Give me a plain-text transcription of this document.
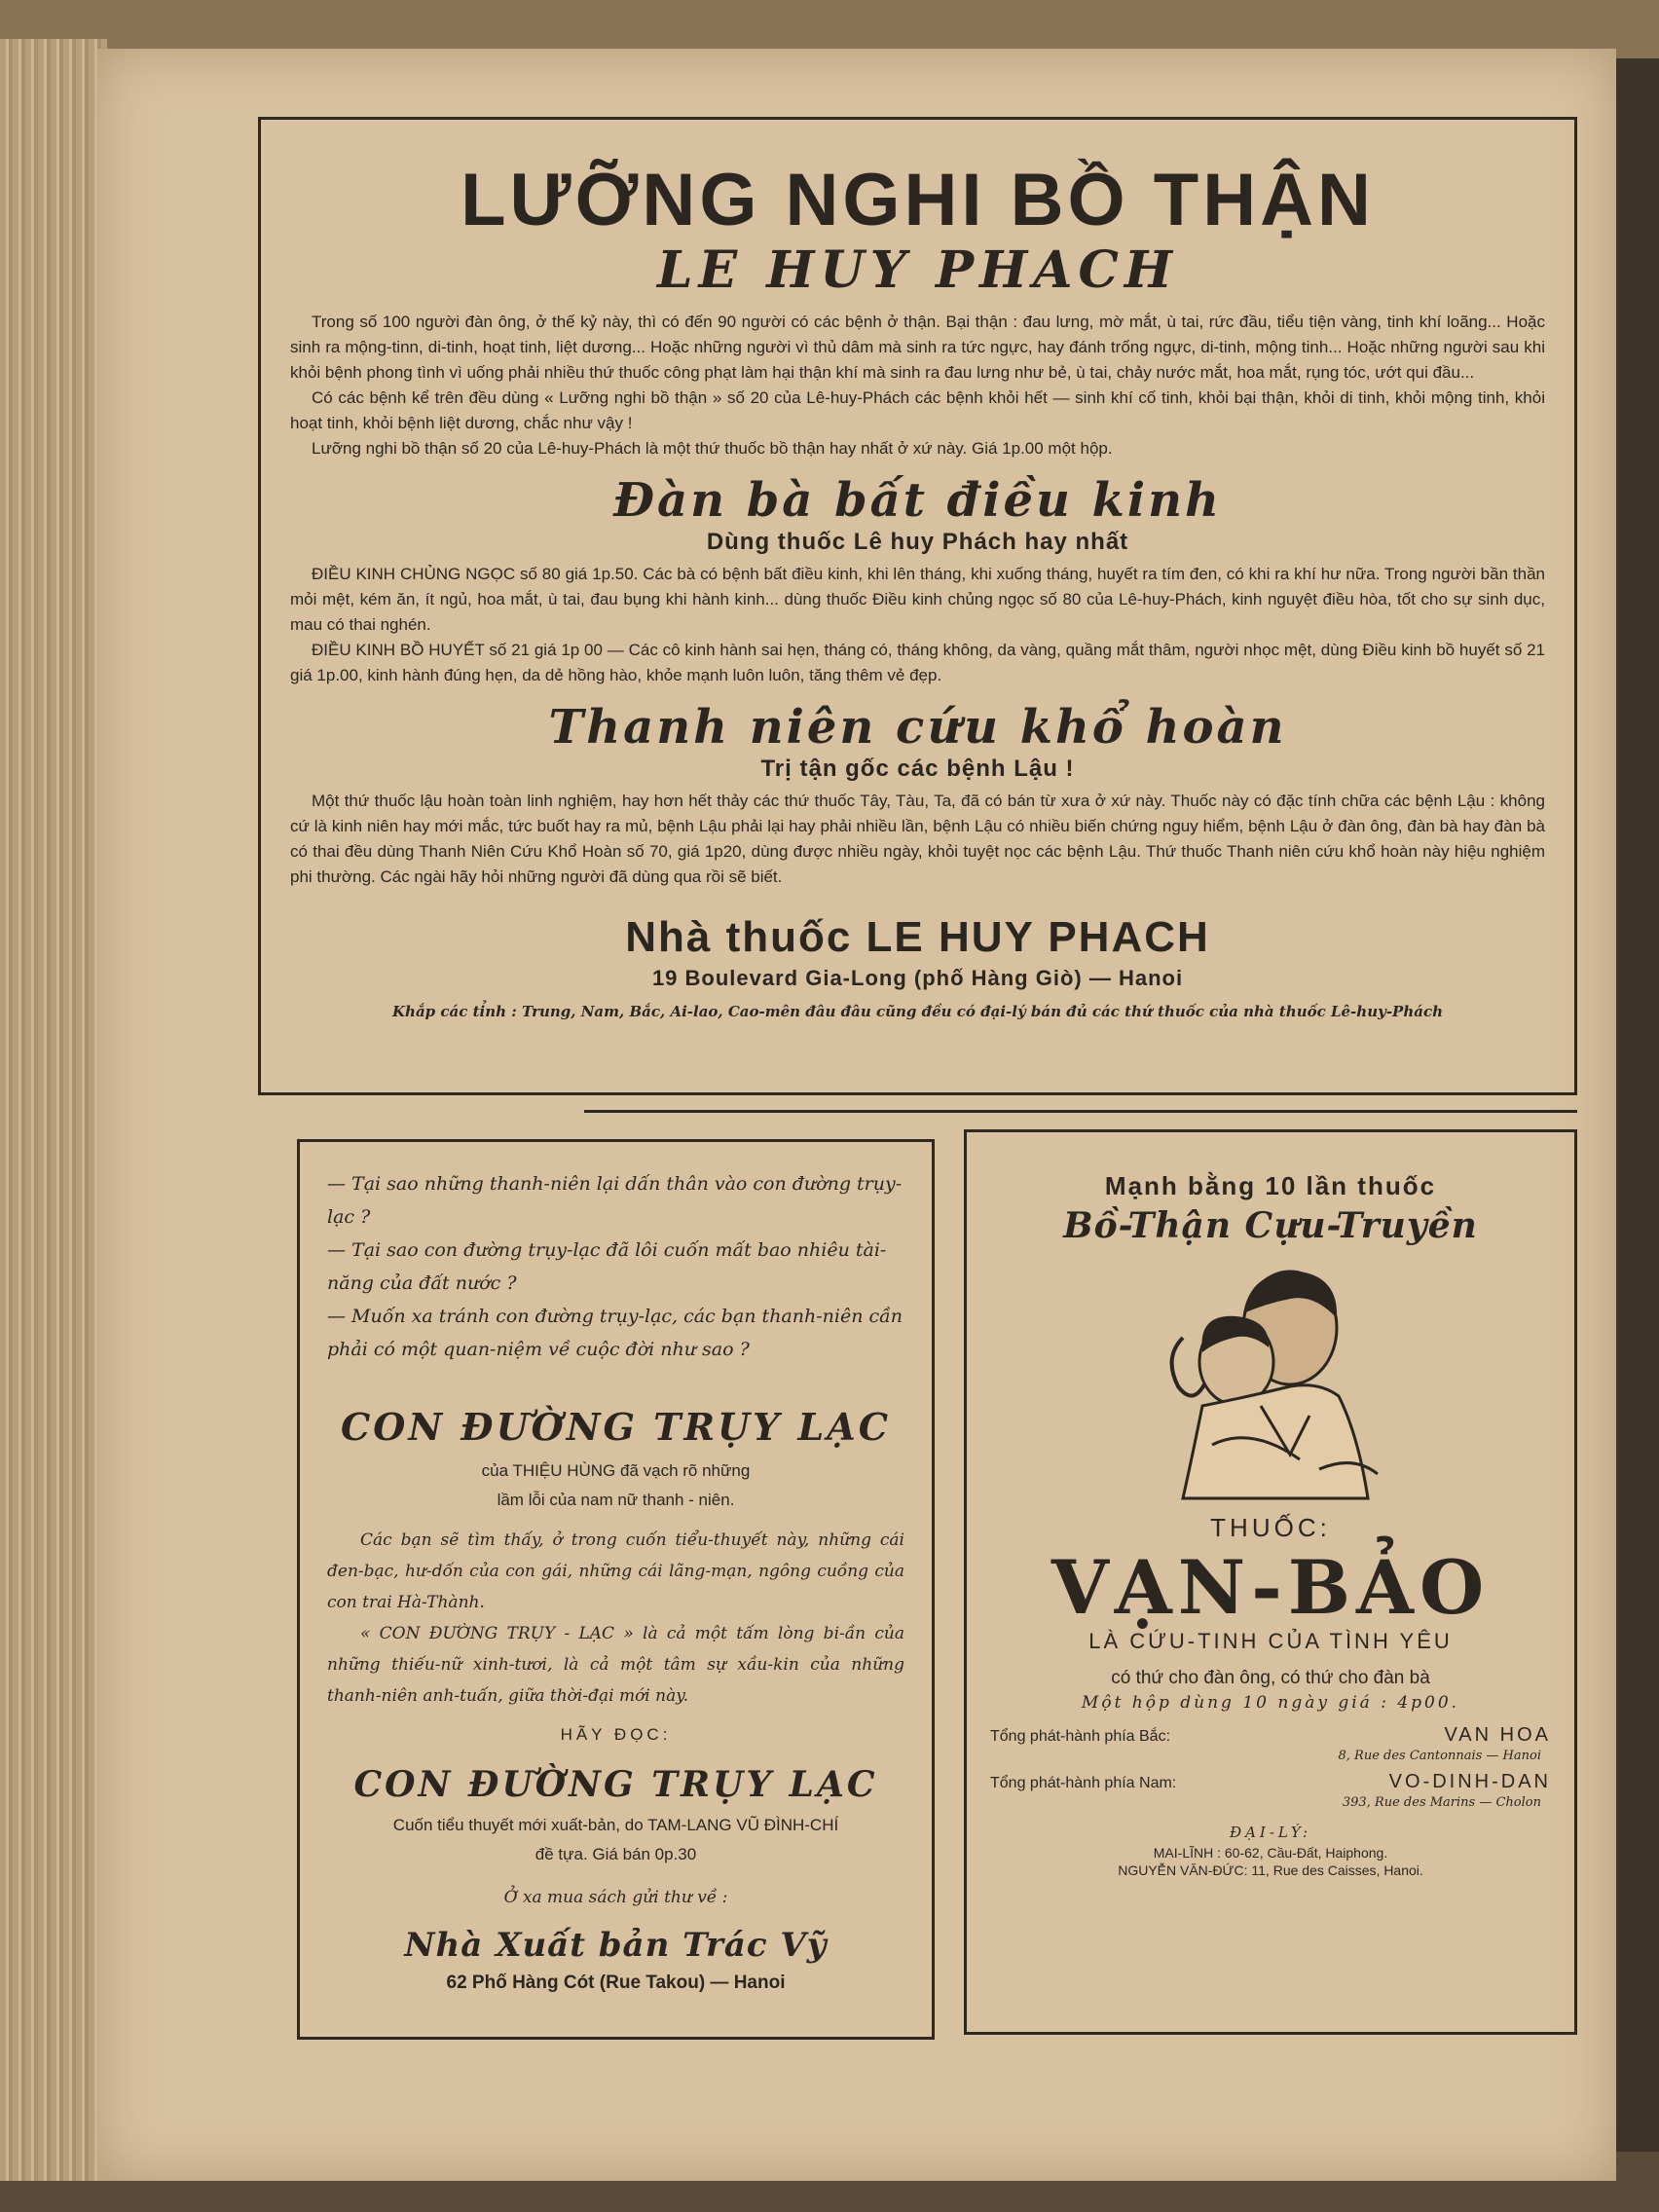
LƯỠNG NGHI BỒ THẬN
LE HUY PHACH

Trong số 100 người đàn ông, ở thế kỷ này, thì có đến 90 người có các bệnh ở thận. Bại thận : đau lưng, mờ mắt, ù tai, rức đầu, tiểu tiện vàng, tinh khí loãng... Hoặc sinh ra mộng-tinn, di-tinh, hoạt tinh, liệt dương... Hoặc những người vì thủ dâm mà sinh ra tức ngực, hay đánh trống ngực, di-tinh, mộng tinh... Hoặc những người sau khi khỏi bệnh phong tình vì uống phải nhiều thứ thuốc công phạt làm hại thận khí mà sinh ra đau lưng như bẻ, ù tai, chảy nước mắt, hoa mắt, rụng tóc, ướt qui đầu...

Có các bệnh kể trên đều dùng « Lưỡng nghi bồ thận » số 20 của Lê-huy-Phách các bệnh khỏi hết — sinh khí cố tinh, khỏi bại thận, khỏi di tinh, khỏi mộng tinh, khỏi hoạt tinh, khỏi bệnh liệt dương, chắc như vậy !

Lưỡng nghi bồ thận số 20 của Lê-huy-Phách là một thứ thuốc bồ thận hay nhất ở xứ này. Giá 1p.00 một hộp.

Đàn bà bất điều kinh
Dùng thuốc Lê huy Phách hay nhất

ĐIỀU KINH CHỦNG NGỌC số 80 giá 1p.50. Các bà có bệnh bất điều kinh, khi lên tháng, khi xuống tháng, huyết ra tím đen, có khi ra khí hư nữa. Trong người bần thần mỏi mệt, kém ăn, ít ngủ, hoa mắt, ù tai, đau bụng khi hành kinh... dùng thuốc Điều kinh chủng ngọc số 80 của Lê-huy-Phách, kinh nguyệt điều hòa, tốt cho sự sinh dục, mau có thai nghén.

ĐIỀU KINH BỒ HUYẾT số 21 giá 1p 00 — Các cô kinh hành sai hẹn, tháng có, tháng không, da vàng, quầng mắt thâm, người nhọc mệt, dùng Điều kinh bồ huyết số 21 giá 1p.00, kinh hành đúng hẹn, da dẻ hồng hào, khỏe mạnh luôn luôn, tăng thêm vẻ đẹp.

Thanh niên cứu khổ hoàn
Trị tận gốc các bệnh Lậu !

Một thứ thuốc lậu hoàn toàn linh nghiệm, hay hơn hết thảy các thứ thuốc Tây, Tàu, Ta, đã có bán từ xưa ở xứ này. Thuốc này có đặc tính chữa các bệnh Lậu : không cứ là kinh niên hay mới mắc, tức buốt hay ra mủ, bệnh Lậu phải lại hay phải nhiều lần, bệnh Lậu có nhiều biến chứng nguy hiểm, bệnh Lậu ở đàn ông, đàn bà hay đàn bà có thai đều dùng Thanh Niên Cứu Khổ Hoàn số 70, giá 1p20, dùng được nhiều ngày, khỏi tuyệt nọc các bệnh Lậu. Thứ thuốc Thanh niên cứu khổ hoàn này hiệu nghiệm phi thường. Các ngài hãy hỏi những người đã dùng qua rồi sẽ biết.

Nhà thuốc LE HUY PHACH
19 Boulevard Gia-Long (phố Hàng Giò) — Hanoi
Khắp các tỉnh : Trung, Nam, Bắc, Ai-lao, Cao-mên đâu đâu cũng đều có đại-lý bán đủ các thứ thuốc của nhà thuốc Lê-huy-Phách

— Tại sao những thanh-niên lại dấn thân vào con đường trụy-lạc ?

— Tại sao con đường trụy-lạc đã lôi cuốn mất bao nhiêu tài-năng của đất nước ?

— Muốn xa tránh con đường trụy-lạc, các bạn thanh-niên cần phải có một quan-niệm về cuộc đời như sao ?

CON ĐƯỜNG TRỤY LẠC

của THIỆU HÙNG đã vạch rõ những

lầm lỗi của nam nữ thanh - niên.

Các bạn sẽ tìm thấy, ở trong cuốn tiểu-thuyết này, những cái đen-bạc, hư-dốn của con gái, những cái lãng-mạn, ngông cuồng của con trai Hà-Thành.

« CON ĐƯỜNG TRỤY - LẠC » là cả một tấm lòng bi-ần của những thiếu-nữ xinh-tươi, là cả một tâm sự xầu-kin của những thanh-niên anh-tuấn, giữa thời-đại mới này.

HÃY ĐỌC:
CON ĐƯỜNG TRỤY LẠC

Cuốn tiểu thuyết mới xuất-bản, do TAM-LANG VŨ ĐÌNH-CHÍ

đề tựa. Giá bán 0p.30

Ở xa mua sách gửi thư về :

Nhà Xuất bản Trác Vỹ

62 Phố Hàng Cót (Rue Takou) — Hanoi

Mạnh bằng 10 lần thuốc
Bồ-Thận Cựu-Truyền
THUỐC:
VẠN-BẢO
LÀ CỨU-TINH CỦA TÌNH YÊU
có thứ cho đàn ông, có thứ cho đàn bà
Một hộp dùng 10 ngày giá : 4p00.
Tổng phát-hành phía Bắc:	VAN HOA
8, Rue des Cantonnais — Hanoi
Tổng phát-hành phía Nam:	VO-DINH-DAN
393, Rue des Marins — Cholon
ĐẠI-LÝ:
MAI-LĨNH : 60-62, Cầu-Đất, Haiphong.
NGUYỄN VĂN-ĐỨC: 11, Rue des Caisses, Hanoi.
